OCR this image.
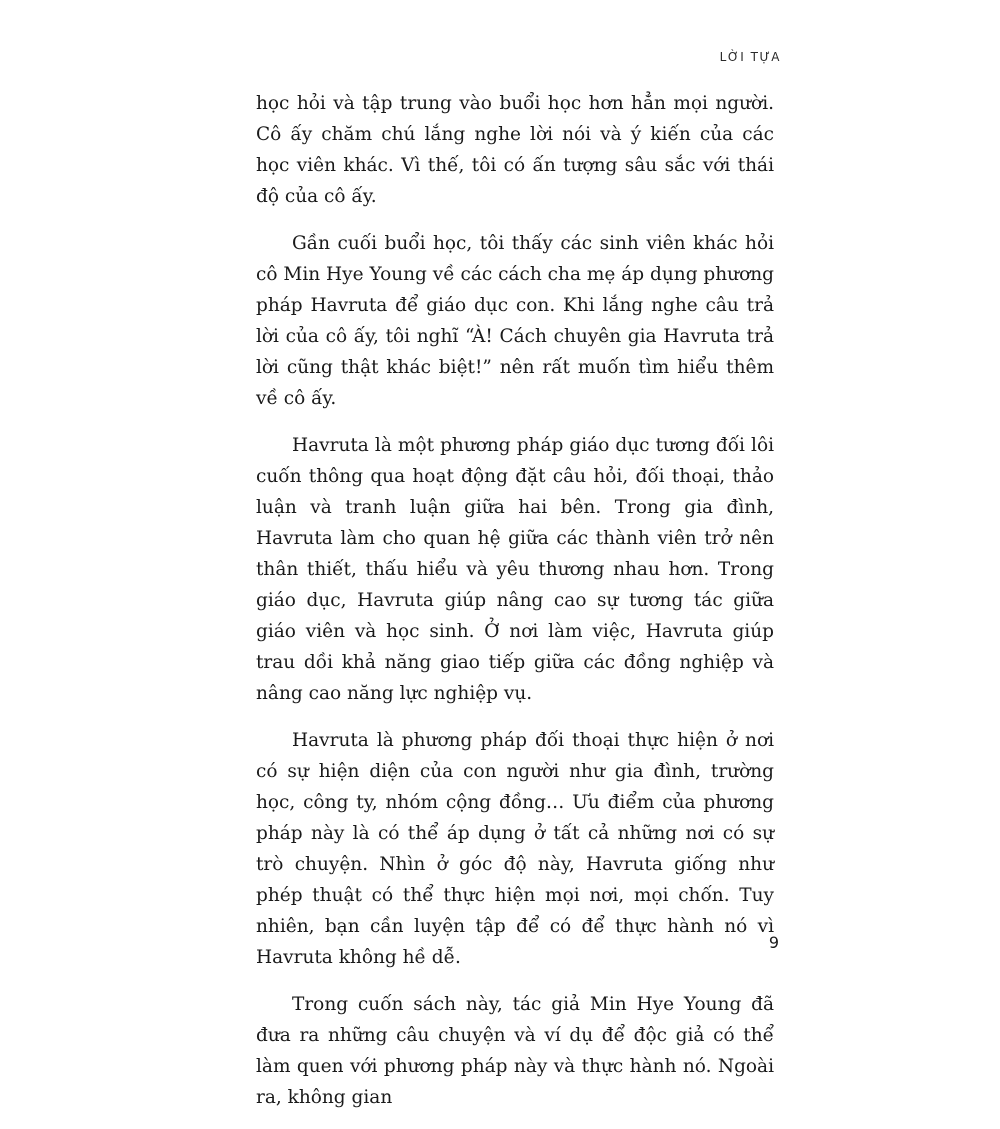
LỜI TỰA

học hỏi và tập trung vào buổi học hơn hẳn mọi người. Cô ấy chăm chú lắng nghe lời nói và ý kiến của các học viên khác. Vì thế, tôi có ấn tượng sâu sắc với thái độ của cô ấy.

Gần cuối buổi học, tôi thấy các sinh viên khác hỏi cô Min Hye Young về các cách cha mẹ áp dụng phương pháp Havruta để giáo dục con. Khi lắng nghe câu trả lời của cô ấy, tôi nghĩ “À! Cách chuyên gia Havruta trả lời cũng thật khác biệt!” nên rất muốn tìm hiểu thêm về cô ấy.

Havruta là một phương pháp giáo dục tương đối lôi cuốn thông qua hoạt động đặt câu hỏi, đối thoại, thảo luận và tranh luận giữa hai bên. Trong gia đình, Havruta làm cho quan hệ giữa các thành viên trở nên thân thiết, thấu hiểu và yêu thương nhau hơn. Trong giáo dục, Havruta giúp nâng cao sự tương tác giữa giáo viên và học sinh. Ở nơi làm việc, Havruta giúp trau dồi khả năng giao tiếp giữa các đồng nghiệp và nâng cao năng lực nghiệp vụ.

Havruta là phương pháp đối thoại thực hiện ở nơi có sự hiện diện của con người như gia đình, trường học, công ty, nhóm cộng đồng… Ưu điểm của phương pháp này là có thể áp dụng ở tất cả những nơi có sự trò chuyện. Nhìn ở góc độ này, Havruta giống như phép thuật có thể thực hiện mọi nơi, mọi chốn. Tuy nhiên, bạn cần luyện tập để có để thực hành nó vì Havruta không hề dễ.

Trong cuốn sách này, tác giả Min Hye Young đã đưa ra những câu chuyện và ví dụ để độc giả có thể làm quen với phương pháp này và thực hành nó. Ngoài ra, không gian

9
